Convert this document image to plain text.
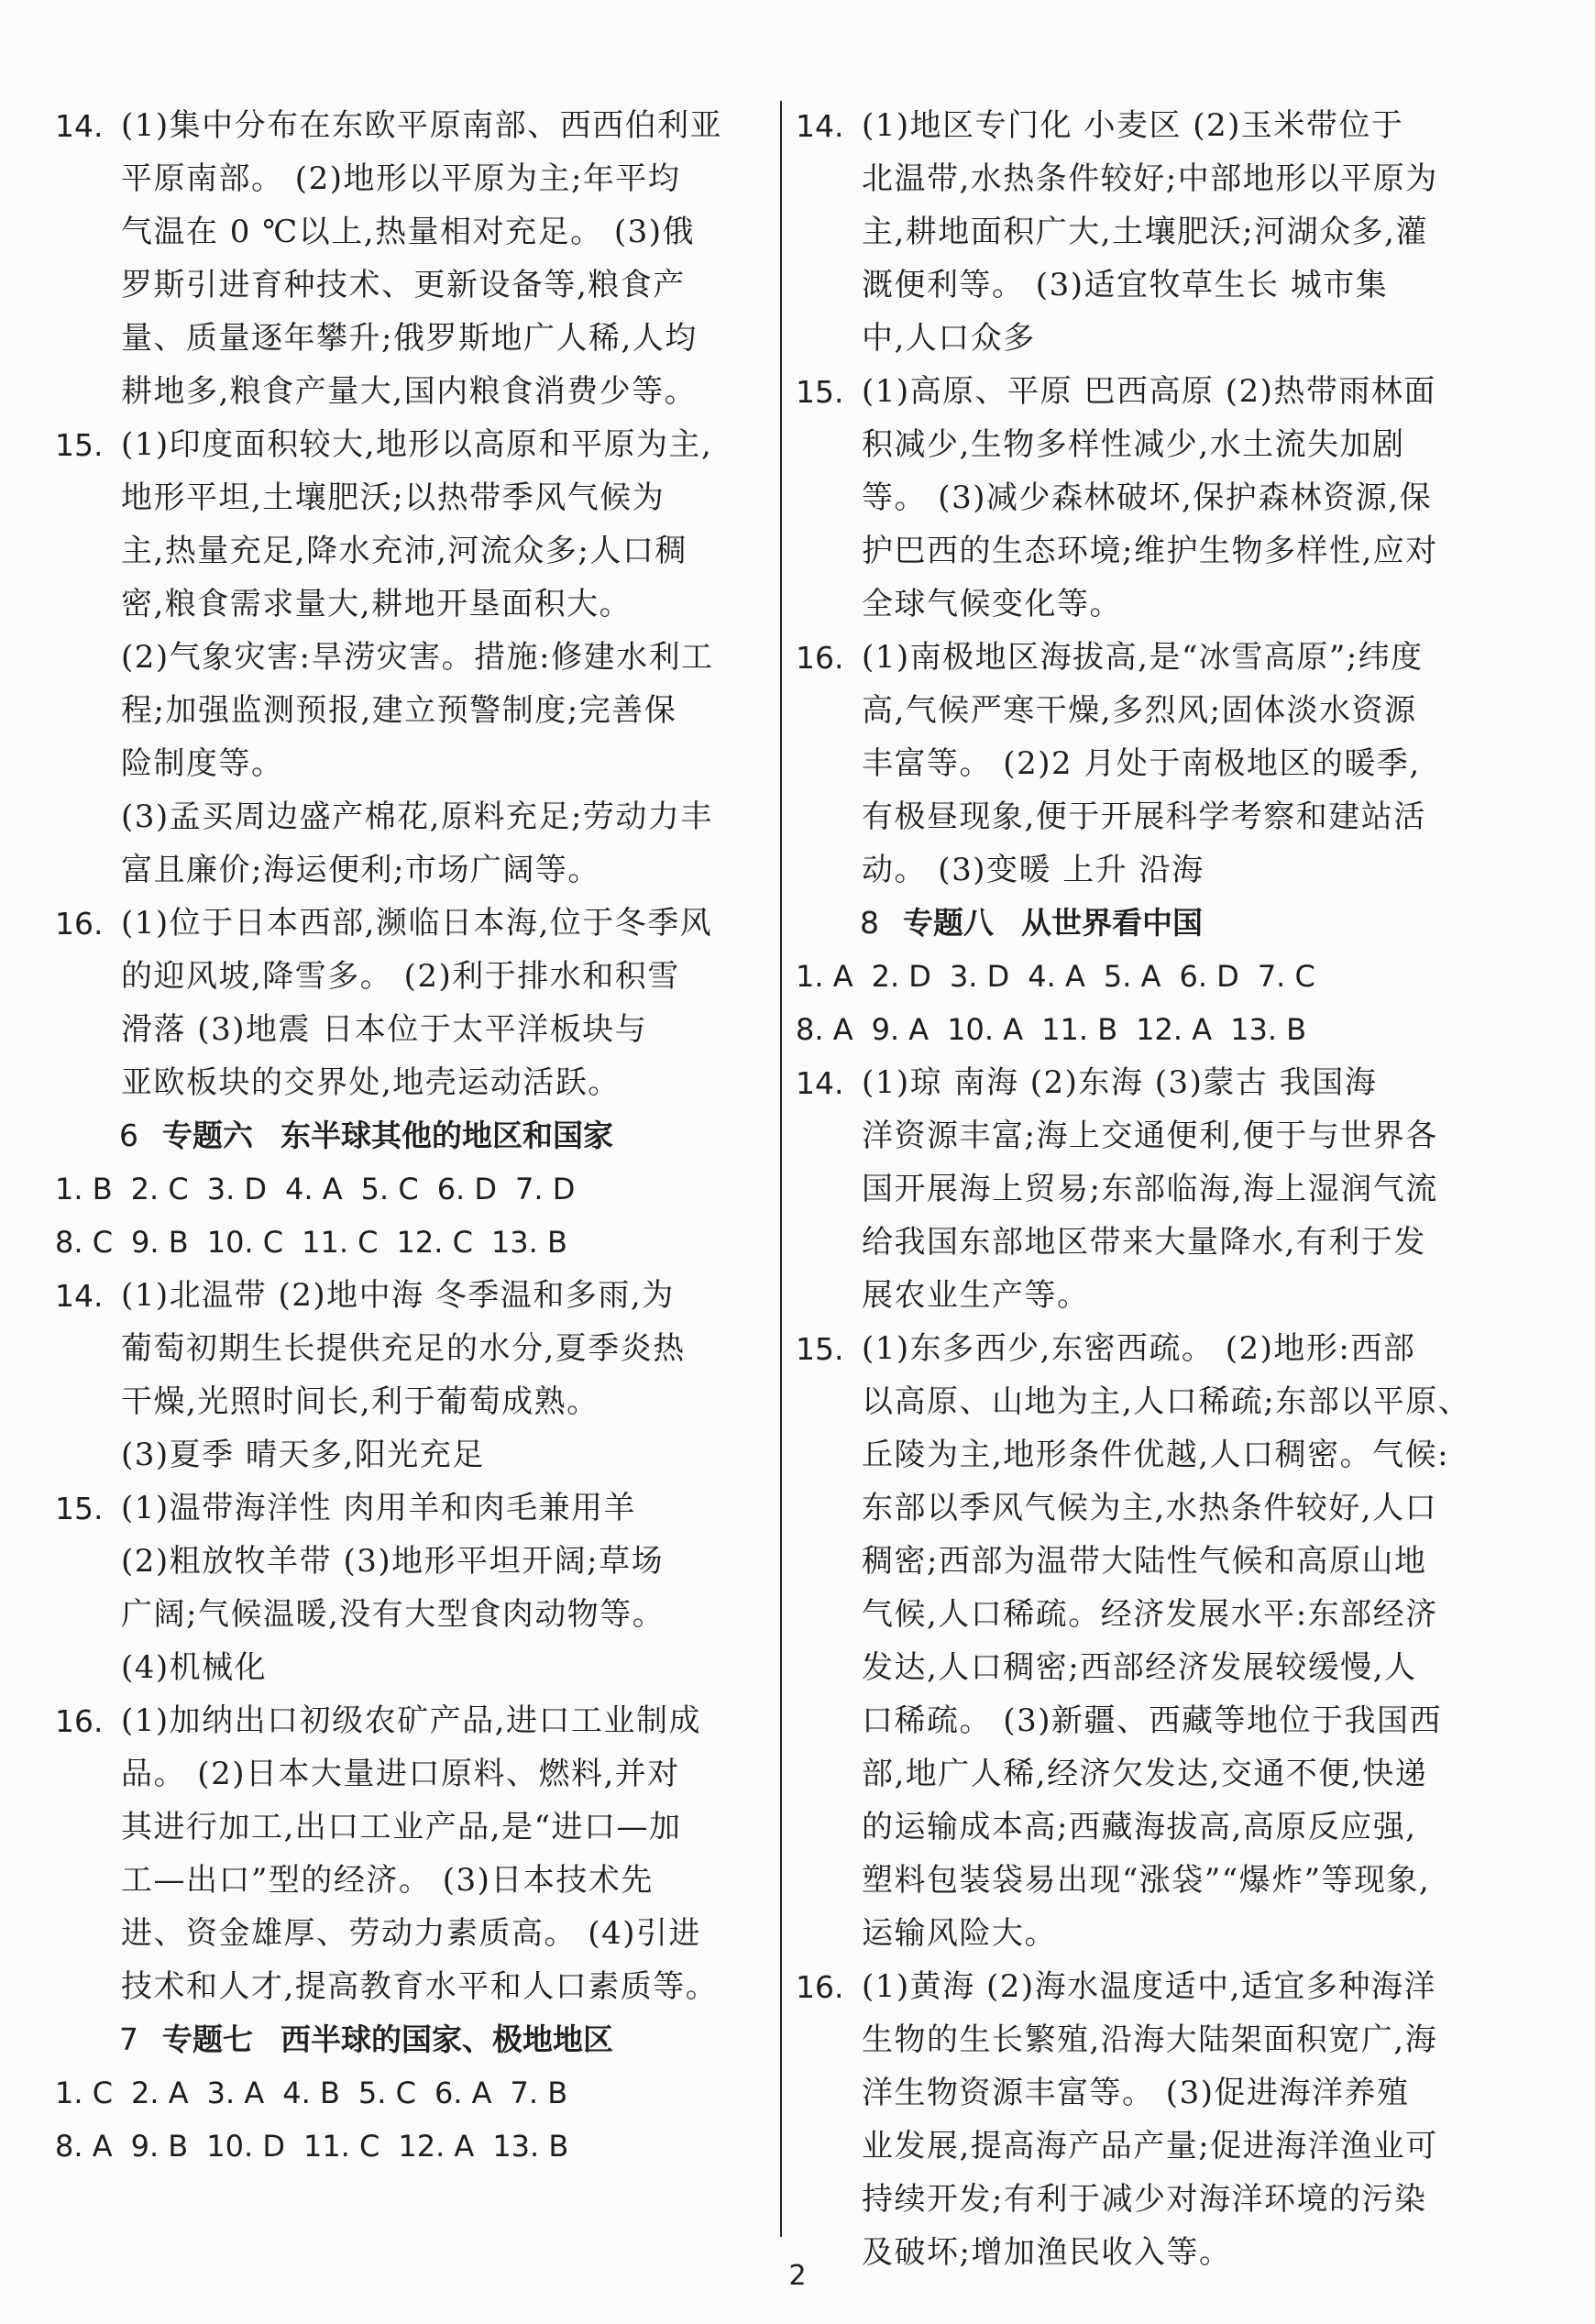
14. (1)集中分布在东欧平原南部、西西伯利亚
平原南部。 (2)地形以平原为主;年平均
气温在 0 ℃以上,热量相对充足。 (3)俄
罗斯引进育种技术、更新设备等,粮食产
量、质量逐年攀升;俄罗斯地广人稀,人均
耕地多,粮食产量大,国内粮食消费少等。
15. (1)印度面积较大,地形以高原和平原为主,
地形平坦,土壤肥沃;以热带季风气候为
主,热量充足,降水充沛,河流众多;人口稠
密,粮食需求量大,耕地开垦面积大。
(2)气象灾害:旱涝灾害。措施:修建水利工
程;加强监测预报,建立预警制度;完善保
险制度等。
(3)孟买周边盛产棉花,原料充足;劳动力丰
富且廉价;海运便利;市场广阔等。
16. (1)位于日本西部,濒临日本海,位于冬季风
的迎风坡,降雪多。 (2)利于排水和积雪
滑落 (3)地震 日本位于太平洋板块与
亚欧板块的交界处,地壳运动活跃。
6 专题六 东半球其他的地区和国家
1. B 2. C 3. D 4. A 5. C 6. D 7. D
8. C 9. B 10. C 11. C 12. C 13. B
14. (1)北温带 (2)地中海 冬季温和多雨,为
葡萄初期生长提供充足的水分,夏季炎热
干燥,光照时间长,利于葡萄成熟。
(3)夏季 晴天多,阳光充足
15. (1)温带海洋性 肉用羊和肉毛兼用羊
(2)粗放牧羊带 (3)地形平坦开阔;草场
广阔;气候温暖,没有大型食肉动物等。
(4)机械化
16. (1)加纳出口初级农矿产品,进口工业制成
品。 (2)日本大量进口原料、燃料,并对
其进行加工,出口工业产品,是“进口—加
工—出口”型的经济。 (3)日本技术先
进、资金雄厚、劳动力素质高。 (4)引进
技术和人才,提高教育水平和人口素质等。
7 专题七 西半球的国家、极地地区
1. C 2. A 3. A 4. B 5. C 6. A 7. B
8. A 9. B 10. D 11. C 12. A 13. B
14. (1)地区专门化 小麦区 (2)玉米带位于
北温带,水热条件较好;中部地形以平原为
主,耕地面积广大,土壤肥沃;河湖众多,灌
溉便利等。 (3)适宜牧草生长 城市集
中,人口众多
15. (1)高原、平原 巴西高原 (2)热带雨林面
积减少,生物多样性减少,水土流失加剧
等。 (3)减少森林破坏,保护森林资源,保
护巴西的生态环境;维护生物多样性,应对
全球气候变化等。
16. (1)南极地区海拔高,是“冰雪高原”;纬度
高,气候严寒干燥,多烈风;固体淡水资源
丰富等。 (2)2 月处于南极地区的暖季,
有极昼现象,便于开展科学考察和建站活
动。 (3)变暖 上升 沿海
8 专题八 从世界看中国
1. A 2. D 3. D 4. A 5. A 6. D 7. C
8. A 9. A 10. A 11. B 12. A 13. B
14. (1)琼 南海 (2)东海 (3)蒙古 我国海
洋资源丰富;海上交通便利,便于与世界各
国开展海上贸易;东部临海,海上湿润气流
给我国东部地区带来大量降水,有利于发
展农业生产等。
15. (1)东多西少,东密西疏。 (2)地形:西部
以高原、山地为主,人口稀疏;东部以平原、
丘陵为主,地形条件优越,人口稠密。气候:
东部以季风气候为主,水热条件较好,人口
稠密;西部为温带大陆性气候和高原山地
气候,人口稀疏。经济发展水平:东部经济
发达,人口稠密;西部经济发展较缓慢,人
口稀疏。 (3)新疆、西藏等地位于我国西
部,地广人稀,经济欠发达,交通不便,快递
的运输成本高;西藏海拔高,高原反应强,
塑料包装袋易出现“涨袋”“爆炸”等现象,
运输风险大。
16. (1)黄海 (2)海水温度适中,适宜多种海洋
生物的生长繁殖,沿海大陆架面积宽广,海
洋生物资源丰富等。 (3)促进海洋养殖
业发展,提高海产品产量;促进海洋渔业可
持续开发;有利于减少对海洋环境的污染
及破坏;增加渔民收入等。
2
